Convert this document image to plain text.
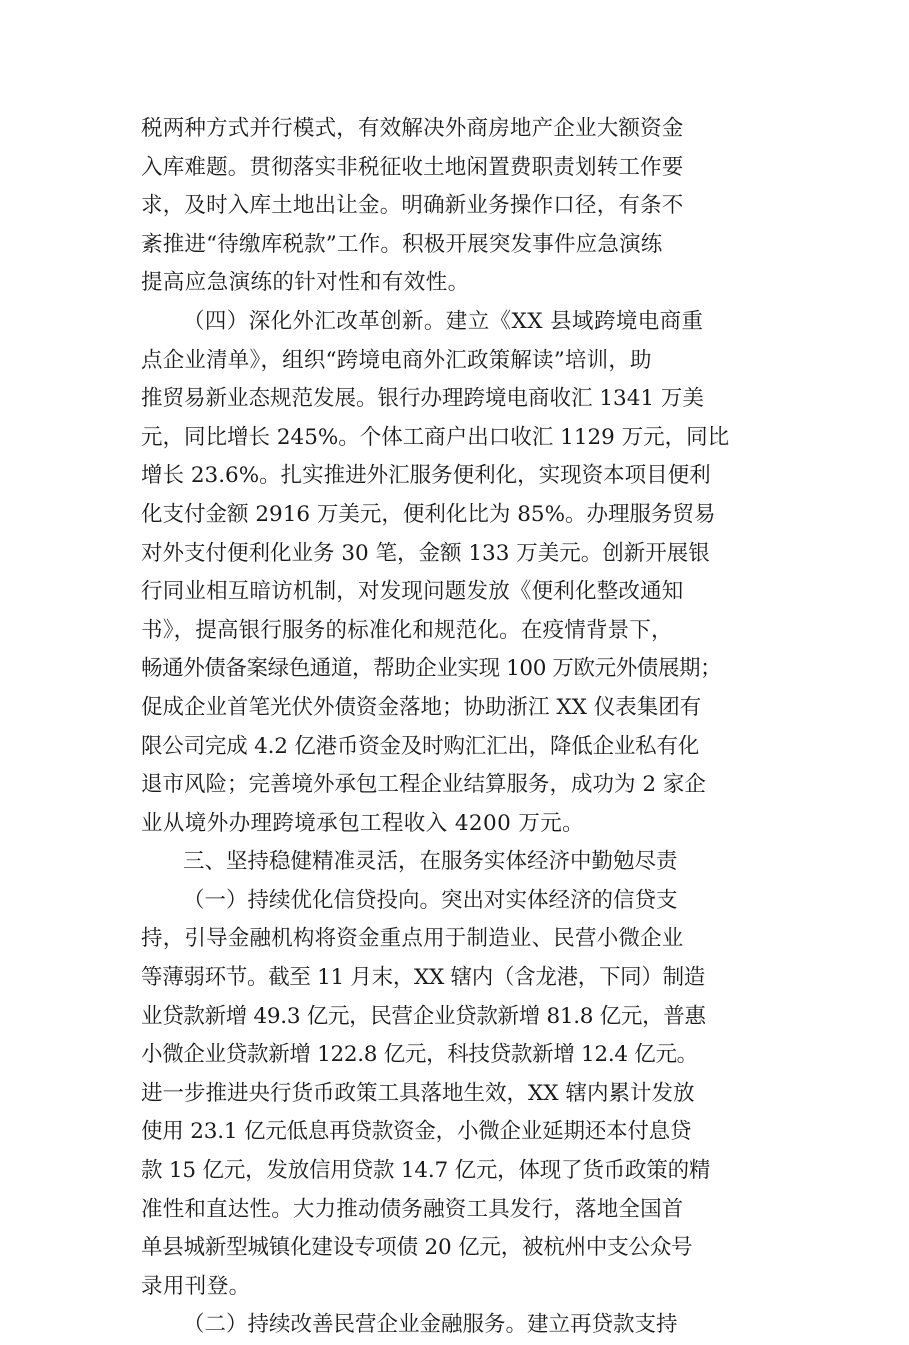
税两种方式并行模式，有效解决外商房地产企业大额资金
入库难题。贯彻落实非税征收土地闲置费职责划转工作要
求，及时入库土地出让金。明确新业务操作口径，有条不
紊推进“待缴库税款”工作。积极开展突发事件应急演练
提高应急演练的针对性和有效性。
（四）深化外汇改革创新。建立《XX 县域跨境电商重
点企业清单》，组织“跨境电商外汇政策解读”培训，助
推贸易新业态规范发展。银行办理跨境电商收汇 1341 万美
元，同比增长 245%。个体工商户出口收汇 1129 万元，同比
增长 23.6%。扎实推进外汇服务便利化，实现资本项目便利
化支付金额 2916 万美元，便利化比为 85%。办理服务贸易
对外支付便利化业务 30 笔，金额 133 万美元。创新开展银
行同业相互暗访机制，对发现问题发放《便利化整改通知
书》，提高银行服务的标准化和规范化。在疫情背景下，
畅通外债备案绿色通道，帮助企业实现 100 万欧元外债展期；
促成企业首笔光伏外债资金落地；协助浙江 XX 仪表集团有
限公司完成 4.2 亿港币资金及时购汇汇出，降低企业私有化
退市风险；完善境外承包工程企业结算服务，成功为 2 家企
业从境外办理跨境承包工程收入 4200 万元。
三、坚持稳健精准灵活，在服务实体经济中勤勉尽责
（一）持续优化信贷投向。突出对实体经济的信贷支
持，引导金融机构将资金重点用于制造业、民营小微企业
等薄弱环节。截至 11 月末，XX 辖内（含龙港，下同）制造
业贷款新增 49.3 亿元，民营企业贷款新增 81.8 亿元，普惠
小微企业贷款新增 122.8 亿元，科技贷款新增 12.4 亿元。
进一步推进央行货币政策工具落地生效，XX 辖内累计发放
使用 23.1 亿元低息再贷款资金，小微企业延期还本付息贷
款 15 亿元，发放信用贷款 14.7 亿元，体现了货币政策的精
准性和直达性。大力推动债务融资工具发行，落地全国首
单县城新型城镇化建设专项债 20 亿元，被杭州中支公众号
录用刊登。
（二）持续改善民营企业金融服务。建立再贷款支持
